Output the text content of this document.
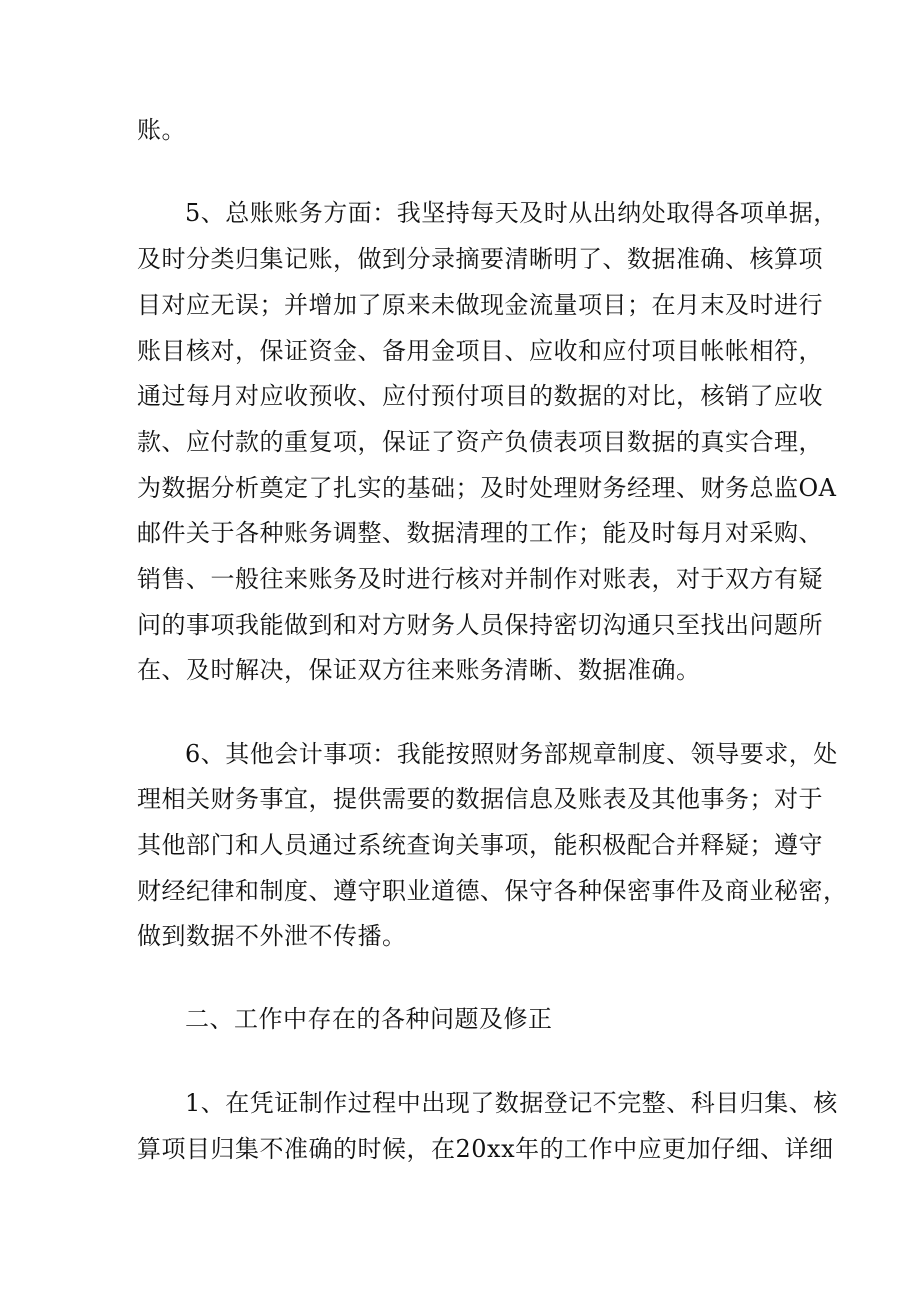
账。
5、总账账务方面：我坚持每天及时从出纳处取得各项单据，
及时分类归集记账，做到分录摘要清晰明了、数据准确、核算项
目对应无误；并增加了原来未做现金流量项目；在月末及时进行
账目核对，保证资金、备用金项目、应收和应付项目帐帐相符，
通过每月对应收预收、应付预付项目的数据的对比，核销了应收
款、应付款的重复项，保证了资产负债表项目数据的真实合理，
为数据分析奠定了扎实的基础；及时处理财务经理、财务总监OA
邮件关于各种账务调整、数据清理的工作；能及时每月对采购、
销售、一般往来账务及时进行核对并制作对账表，对于双方有疑
问的事项我能做到和对方财务人员保持密切沟通只至找出问题所
在、及时解决，保证双方往来账务清晰、数据准确。
6、其他会计事项：我能按照财务部规章制度、领导要求，处
理相关财务事宜，提供需要的数据信息及账表及其他事务；对于
其他部门和人员通过系统查询关事项，能积极配合并释疑；遵守
财经纪律和制度、遵守职业道德、保守各种保密事件及商业秘密，
做到数据不外泄不传播。
二、工作中存在的各种问题及修正
1、在凭证制作过程中出现了数据登记不完整、科目归集、核
算项目归集不准确的时候，在20xx年的工作中应更加仔细、详细
